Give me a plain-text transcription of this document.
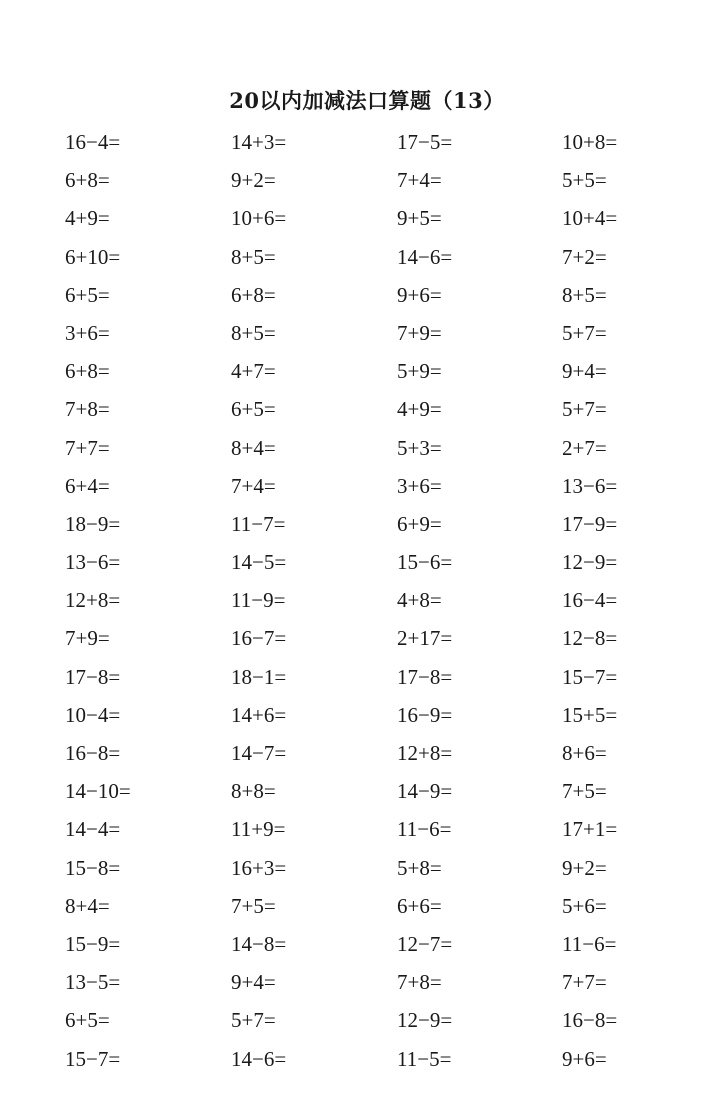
20以内加减法口算题（13）
16−4=	14+3=	17−5=	10+8=
6+8=	9+2=	7+4=	5+5=
4+9=	10+6=	9+5=	10+4=
6+10=	8+5=	14−6=	7+2=
6+5=	6+8=	9+6=	8+5=
3+6=	8+5=	7+9=	5+7=
6+8=	4+7=	5+9=	9+4=
7+8=	6+5=	4+9=	5+7=
7+7=	8+4=	5+3=	2+7=
6+4=	7+4=	3+6=	13−6=
18−9=	11−7=	6+9=	17−9=
13−6=	14−5=	15−6=	12−9=
12+8=	11−9=	4+8=	16−4=
7+9=	16−7=	2+17=	12−8=
17−8=	18−1=	17−8=	15−7=
10−4=	14+6=	16−9=	15+5=
16−8=	14−7=	12+8=	8+6=
14−10=	8+8=	14−9=	7+5=
14−4=	11+9=	11−6=	17+1=
15−8=	16+3=	5+8=	9+2=
8+4=	7+5=	6+6=	5+6=
15−9=	14−8=	12−7=	11−6=
13−5=	9+4=	7+8=	7+7=
6+5=	5+7=	12−9=	16−8=
15−7=	14−6=	11−5=	9+6=
